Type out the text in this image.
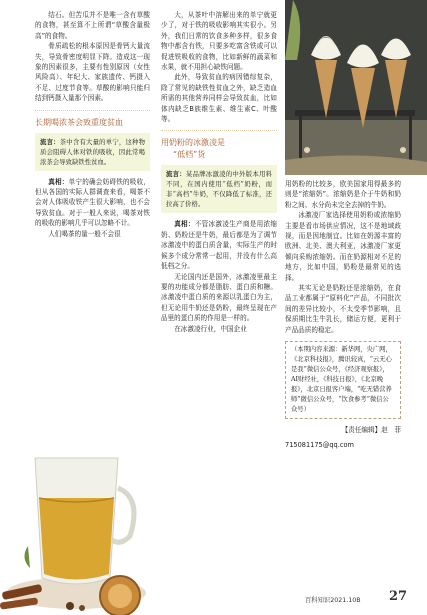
结石。但苦瓜并不是唯一含有草酸的食物，甚至算不上所谓“草酸含量极高”的食物。

骨质疏松的根本原因是骨钙大量流失，导致骨密度明显下降。造成这一现象的因素很多，主要有性别原因（女性风险高）、年纪大、家族遗传、钙摄入不足、过度节食等。草酸的影响只能归结到钙摄入量那个因素。

长期喝浓茶会致重度贫血

流言：茶中含有大量的单宁，这种物质会阻碍人体对铁的吸收，因此常喝浓茶会导致缺铁性贫血。

真相：单宁的确会妨碍铁的吸收，但从各国的实际人群调查来看，喝茶不会对人体吸收铁产生很大影响，也不会导致贫血。对于一般人来说，喝茶对铁的吸收的影响几乎可以忽略不计。

人们喝茶的量一般不会很

大，从茶叶中溶解出来的单宁就更少了，对于铁的吸收影响其实很小。另外，我们日常的饮食多种多样，很多食物中都含有铁，只要多吃富含铁或可以促进铁吸收的食物，比如新鲜的蔬菜和水果，就不用担心缺铁问题。

此外，导致贫血的病因错综复杂，除了常见的缺铁性贫血之外，缺乏造血所需的其他营养同样会导致贫血，比如体内缺乏B族维生素、维生素C、叶酸等。

用奶粉的冰激凌是

“低档”货

流言：某品牌冰激凌的中外版本用料不同，在国内使用“低档”奶粉，而非“高档”牛奶，不仅降低了标准，还拉高了价格。

真相：不管冰激凌生产商是用浓缩奶、奶粉还是牛奶，最后都是为了调节冰激凌中的蛋白质含量，实际生产的时候多个成分常常一起用，并没有什么高低档之分。

无论国内还是国外，冰激凌里最主要的功能成分都是脂肪、蛋白质和糖。冰激凌中蛋白质的来源以乳蛋白为主，但无论用牛奶还是奶粉，最终呈现在产品里的蛋白质的作用是一样的。

在冰激凌行业，中国企业

用奶粉的比较多，欧美国家用得最多的则是“浓缩奶”。浓缩奶是介于牛奶和奶粉之间、水分尚未完全去掉的牛奶。

冰激凌厂家选择使用奶粉或浓缩奶主要是看市场供应情况，这不是地域歧视，而是因地制宜。比如在奶源丰富的欧洲、北美、澳大利亚，冰激凌厂家更倾向采购浓缩奶。而在奶源相对不足的地方，比如中国，奶粉是最常见的选择。

其实无论是奶粉还是浓缩奶，在食品工业都属于“原料化”产品，不同批次间的差异比较小，不太受季节影响，且保质期比生牛乳长，储运方便，更利于产品品质的稳定。

（本期内容来源：新华网，央广网，《北京科技报》，腾讯较真，“云无心是我”微信公众号，《经济观察报》，AI财经社，《科技日报》，《北京晚报》，北京日报客户端，“吃无错营养师”微信公众号，“饮食参考”微信公众号）
【责任编辑】赵　菲
715081175@qq.com
百科知识2021.10B 27
